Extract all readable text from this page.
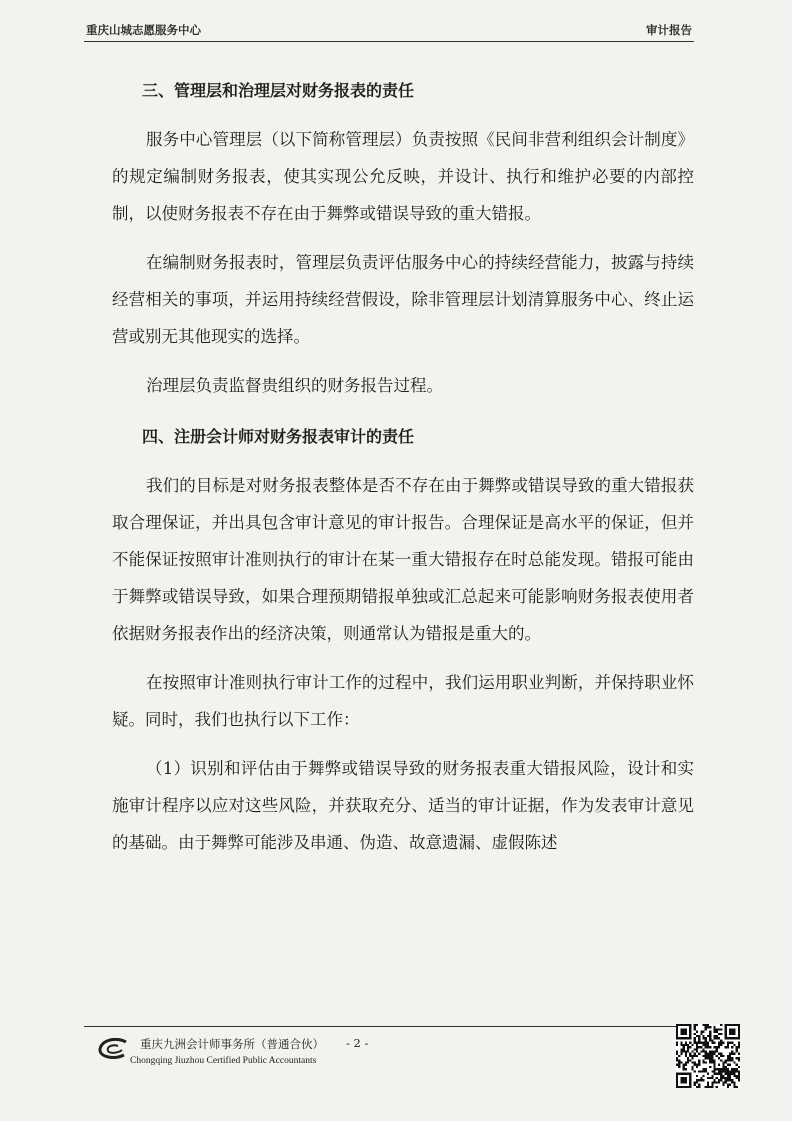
重庆山城志愿服务中心	审计报告
三、管理层和治理层对财务报表的责任

服务中心管理层（以下简称管理层）负责按照《民间非营利组织会计制度》的规定编制财务报表，使其实现公允反映，并设计、执行和维护必要的内部控制，以使财务报表不存在由于舞弊或错误导致的重大错报。

在编制财务报表时，管理层负责评估服务中心的持续经营能力，披露与持续经营相关的事项，并运用持续经营假设，除非管理层计划清算服务中心、终止运营或别无其他现实的选择。

治理层负责监督贵组织的财务报告过程。

四、注册会计师对财务报表审计的责任

我们的目标是对财务报表整体是否不存在由于舞弊或错误导致的重大错报获取合理保证，并出具包含审计意见的审计报告。合理保证是高水平的保证，但并不能保证按照审计准则执行的审计在某一重大错报存在时总能发现。错报可能由于舞弊或错误导致，如果合理预期错报单独或汇总起来可能影响财务报表使用者依据财务报表作出的经济决策，则通常认为错报是重大的。

在按照审计准则执行审计工作的过程中，我们运用职业判断，并保持职业怀疑。同时，我们也执行以下工作：

（1）识别和评估由于舞弊或错误导致的财务报表重大错报风险，设计和实施审计程序以应对这些风险，并获取充分、适当的审计证据，作为发表审计意见的基础。由于舞弊可能涉及串通、伪造、故意遗漏、虚假陈述

重庆九洲会计师事务所（普通合伙） - 2 -
Chongqing Jiuzhou Certified Public Accountants
